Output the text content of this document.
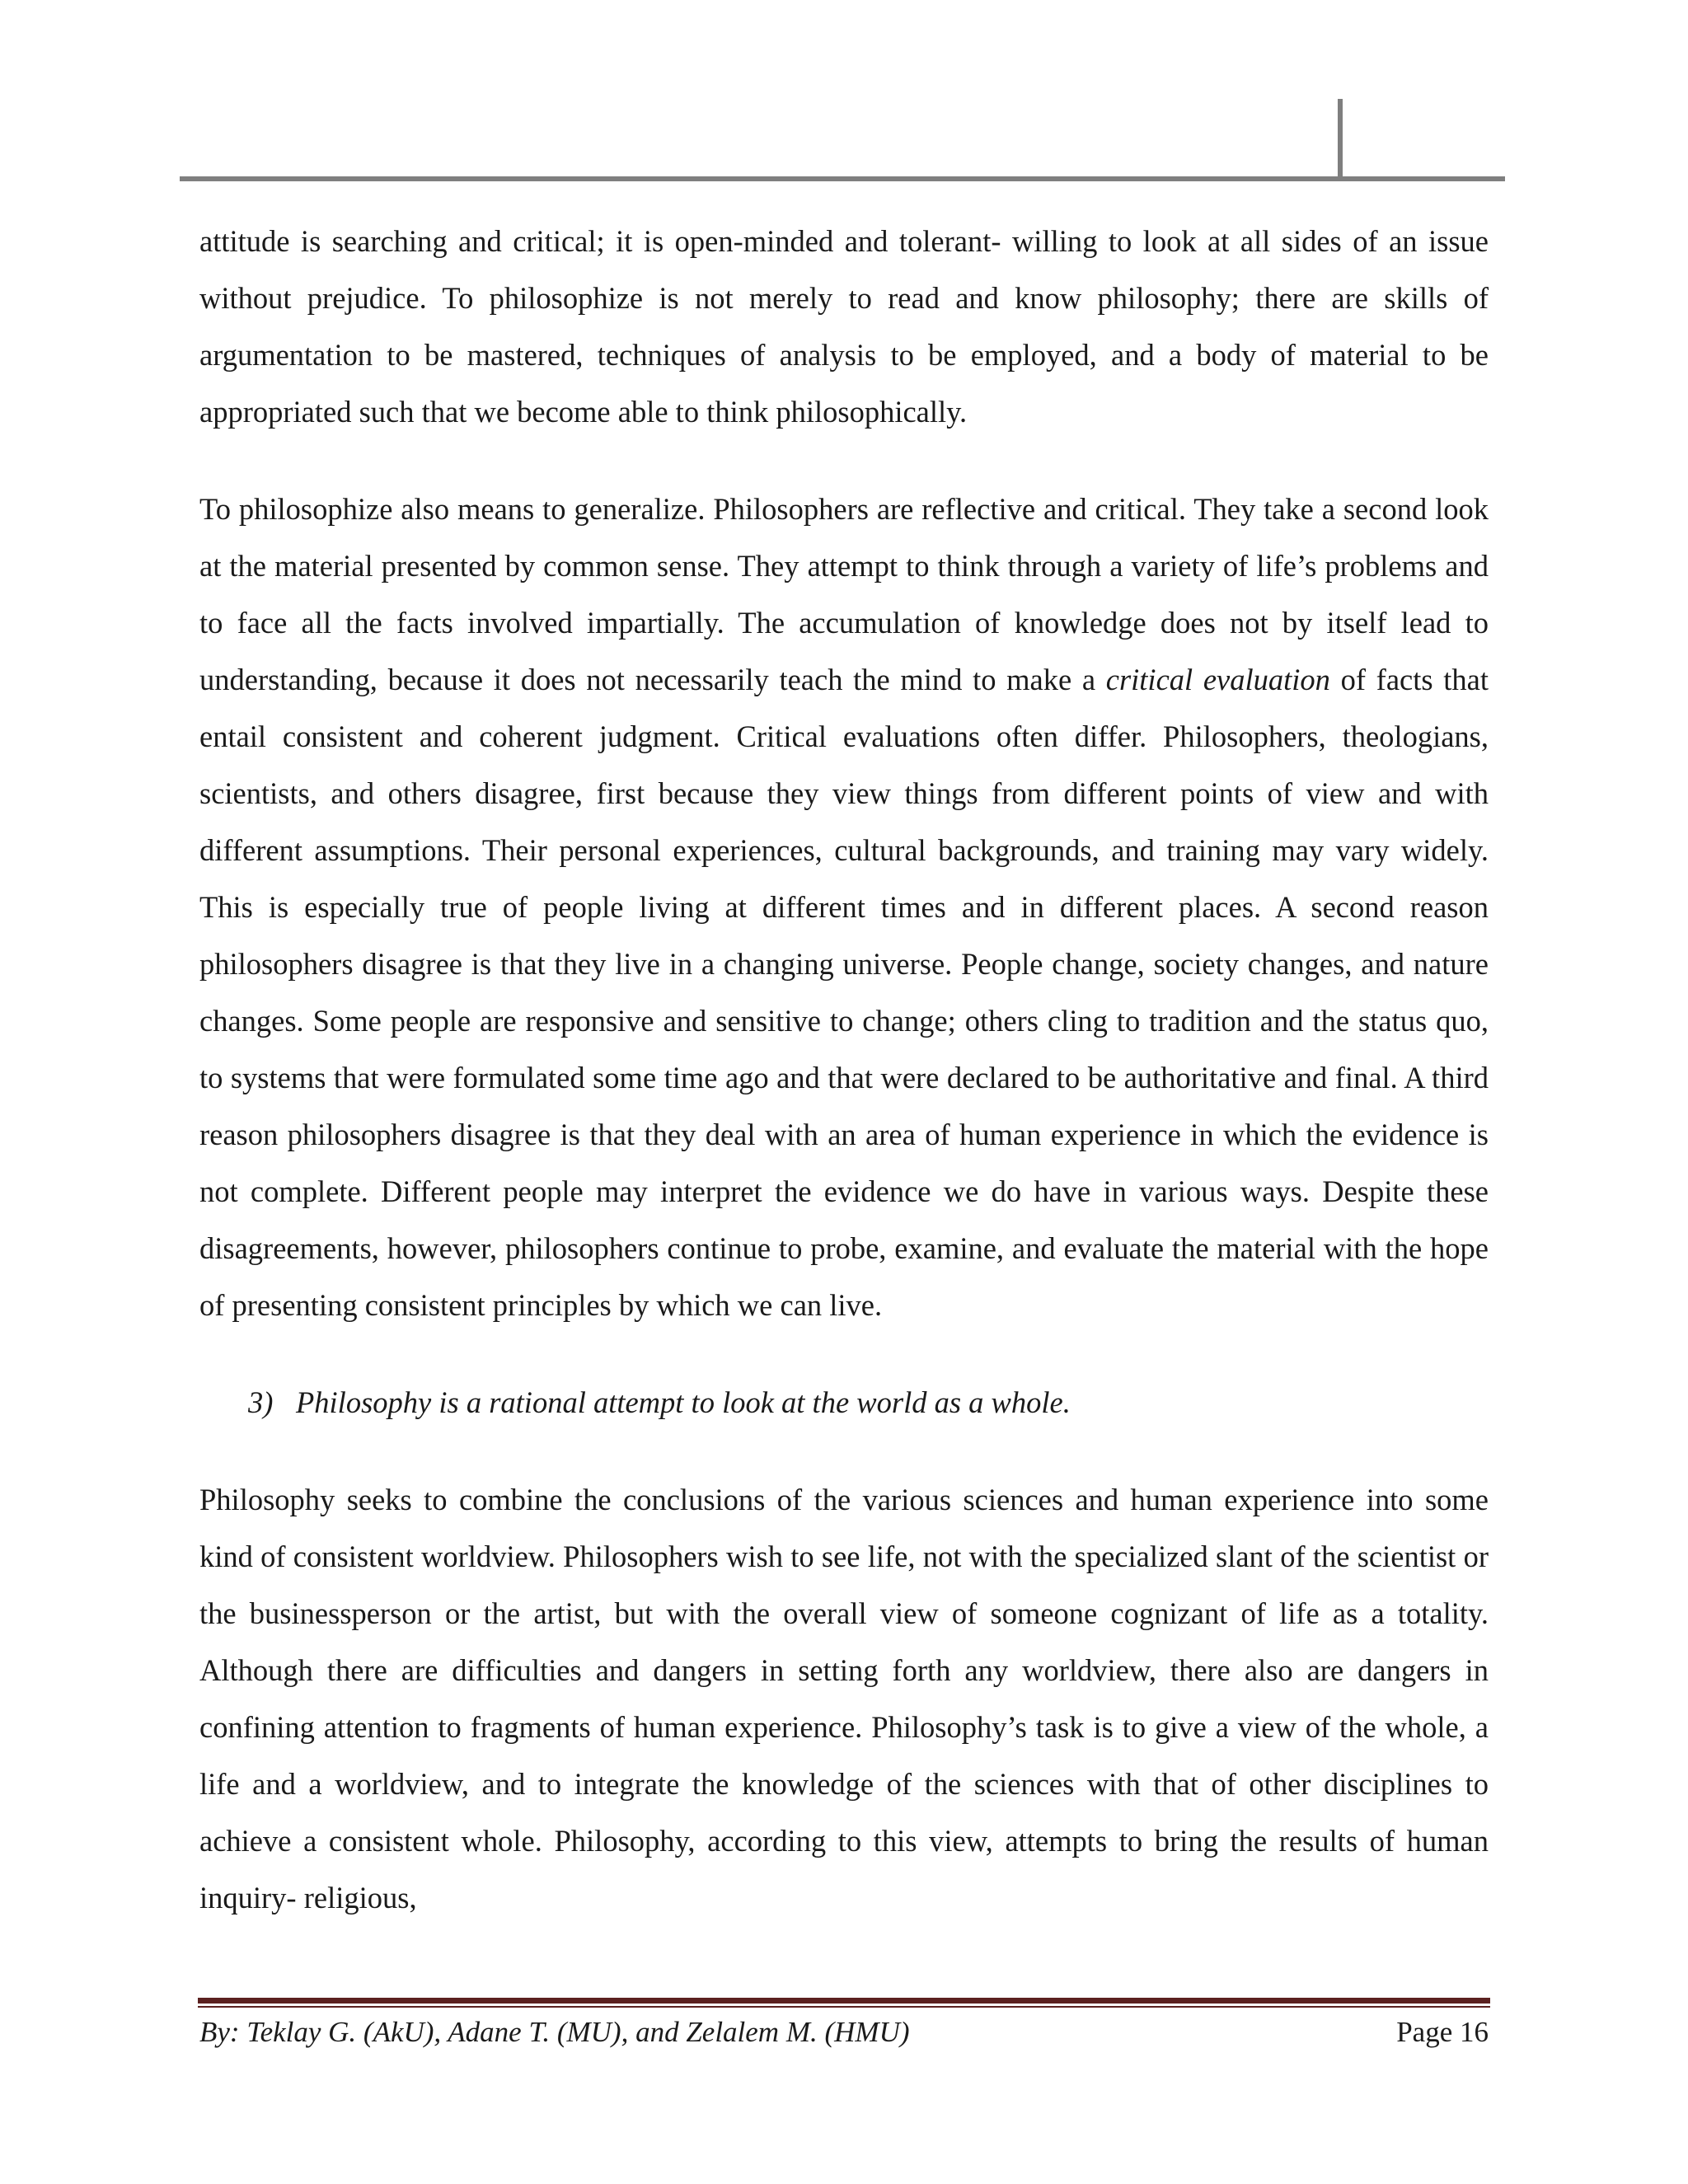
attitude is searching and critical; it is open-minded and tolerant- willing to look at all sides of an issue without prejudice. To philosophize is not merely to read and know philosophy; there are skills of argumentation to be mastered, techniques of analysis to be employed, and a body of material to be appropriated such that we become able to think philosophically.

To philosophize also means to generalize. Philosophers are reflective and critical. They take a second look at the material presented by common sense. They attempt to think through a variety of life’s problems and to face all the facts involved impartially. The accumulation of knowledge does not by itself lead to understanding, because it does not necessarily teach the mind to make a critical evaluation of facts that entail consistent and coherent judgment. Critical evaluations often differ. Philosophers, theologians, scientists, and others disagree, first because they view things from different points of view and with different assumptions. Their personal experiences, cultural backgrounds, and training may vary widely. This is especially true of people living at different times and in different places. A second reason philosophers disagree is that they live in a changing universe. People change, society changes, and nature changes. Some people are responsive and sensitive to change; others cling to tradition and the status quo, to systems that were formulated some time ago and that were declared to be authoritative and final. A third reason philosophers disagree is that they deal with an area of human experience in which the evidence is not complete. Different people may interpret the evidence we do have in various ways. Despite these disagreements, however, philosophers continue to probe, examine, and evaluate the material with the hope of presenting consistent principles by which we can live.

3) Philosophy is a rational attempt to look at the world as a whole.

Philosophy seeks to combine the conclusions of the various sciences and human experience into some kind of consistent worldview. Philosophers wish to see life, not with the specialized slant of the scientist or the businessperson or the artist, but with the overall view of someone cognizant of life as a totality. Although there are difficulties and dangers in setting forth any worldview, there also are dangers in confining attention to fragments of human experience. Philosophy’s task is to give a view of the whole, a life and a worldview, and to integrate the knowledge of the sciences with that of other disciplines to achieve a consistent whole. Philosophy, according to this view, attempts to bring the results of human inquiry- religious,

By: Teklay G. (AkU), Adane T. (MU), and Zelalem M. (HMU)	Page 16
